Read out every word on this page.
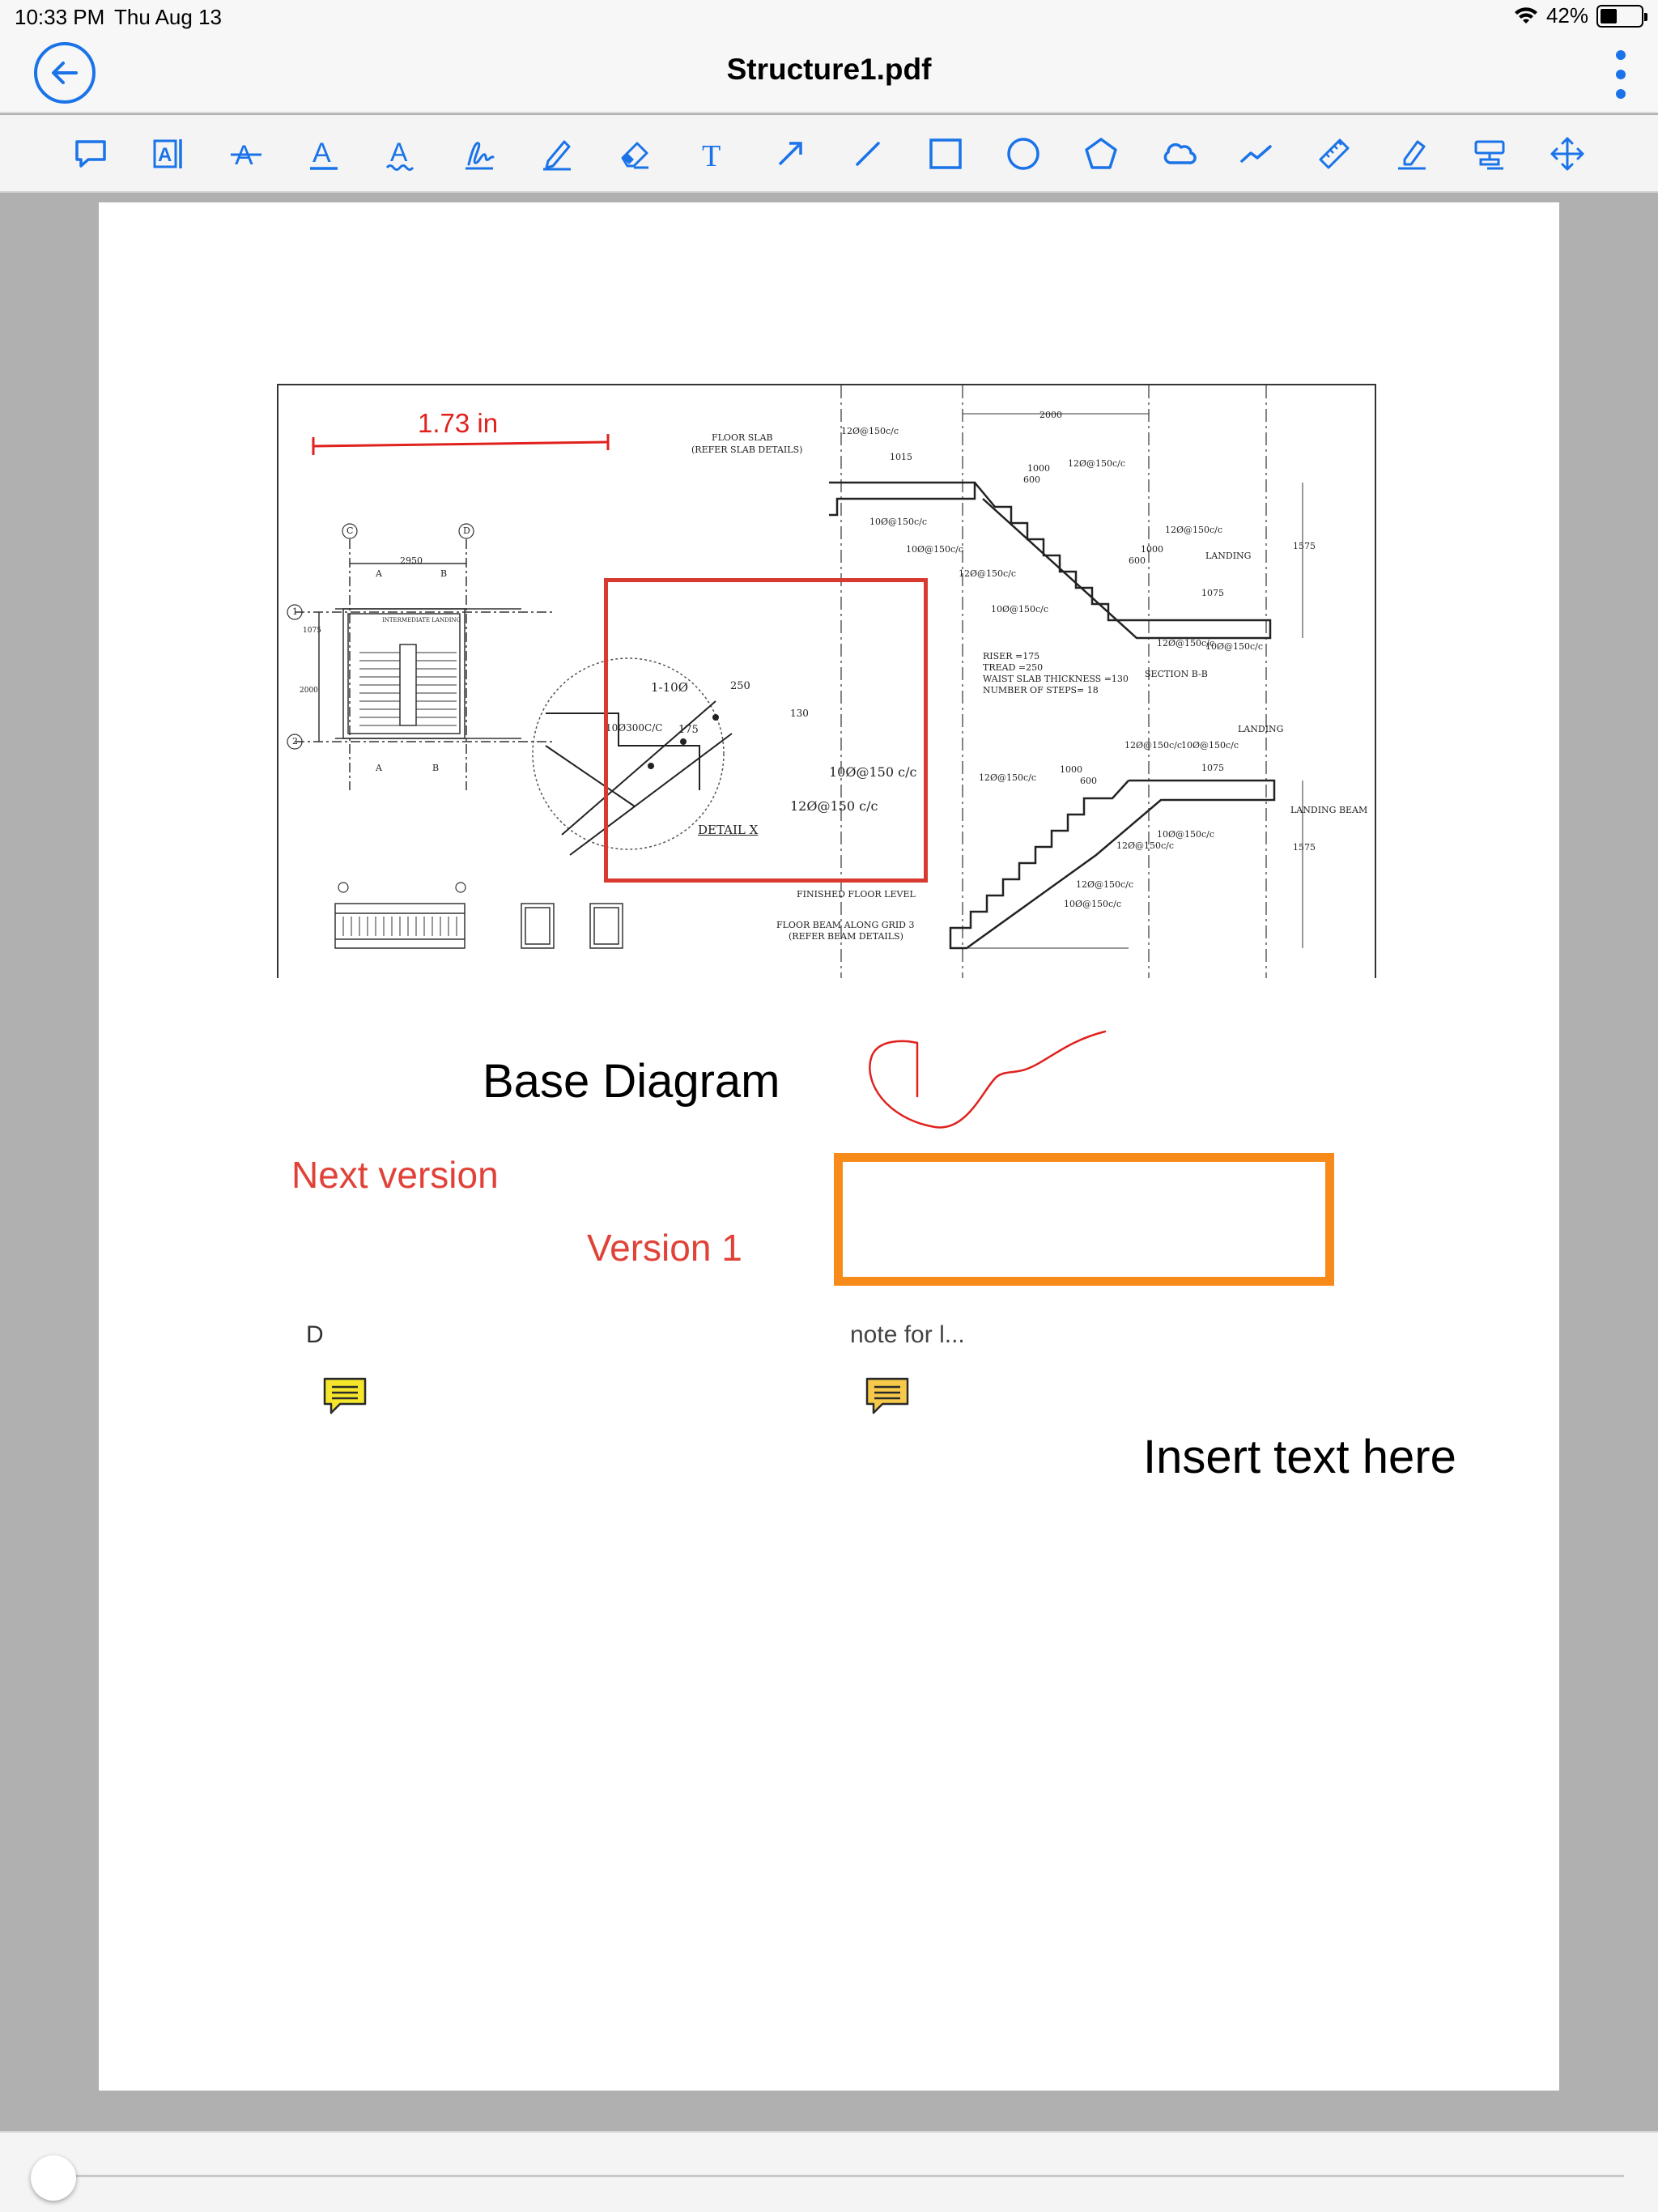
10:33 PM Thu Aug 13	42%
Structure1.pdf
A A A A	T
FLOOR SLAB
(REFER SLAB DETAILS)
12Ø@150c/c
1015
2000
1000
600
12Ø@150c/c
10Ø@150c/c
10Ø@150c/c
12Ø@150c/c
10Ø@150c/c
12Ø@150c/c
1000
600	LANDING
1575
1075
12Ø@150c/c
10Ø@150c/c
RISER =175
TREAD =250
WAIST SLAB THICKNESS =130
NUMBER OF STEPS= 18
SECTION B-B
LANDING
12Ø@150c/c
10Ø@150c/c
1075
12Ø@150c/c
1000
600
LANDING BEAM
10Ø@150c/c
12Ø@150c/c	1575
12Ø@150c/c
10Ø@150c/c
FINISHED FLOOR LEVEL
FLOOR BEAM ALONG GRID 3
(REFER BEAM DETAILS)
1-10Ø	250
10Ø300C/C 175
130
10Ø@150 c/c
12Ø@150 c/c
DETAIL X
2950
A	B
INTERMEDIATE LANDING
1075
2000
C	D
1
2
A	B
1.73 in
Base Diagram
Next version
Version 1
Insert text here
D	note for l...
